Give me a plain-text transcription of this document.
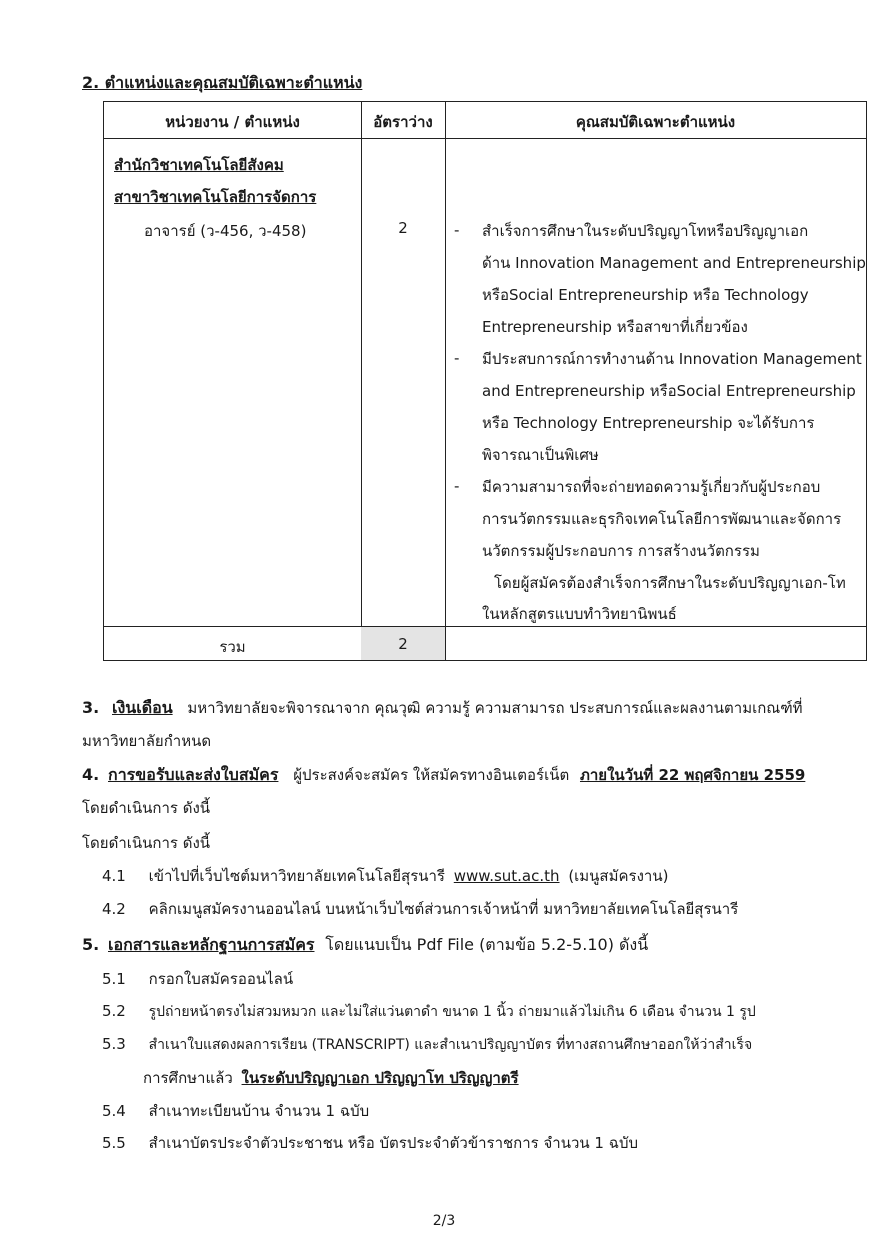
2. ตำแหน่งและคุณสมบัติเฉพาะตำแหน่ง
หน่วยงาน / ตำแหน่ง	อัตราว่าง	คุณสมบัติเฉพาะตำแหน่ง
สำนักวิชาเทคโนโลยีสังคม
สาขาวิชาเทคโนโลยีการจัดการ
อาจารย์ (ว-456, ว-458)	2	- สำเร็จการศึกษาในระดับปริญญาโทหรือปริญญาเอก
ด้าน Innovation Management and Entrepreneurship
หรือSocial Entrepreneurship หรือ Technology
Entrepreneurship หรือสาขาที่เกี่ยวข้อง
- มีประสบการณ์การทำงานด้าน Innovation Management
and Entrepreneurship หรือSocial Entrepreneurship
หรือ Technology Entrepreneurship จะได้รับการ
พิจารณาเป็นพิเศษ
- มีความสามารถที่จะถ่ายทอดความรู้เกี่ยวกับผู้ประกอบ
การนวัตกรรมและธุรกิจเทคโนโลยีการพัฒนาและจัดการ
นวัตกรรมผู้ประกอบการ การสร้างนวัตกรรม
โดยผู้สมัครต้องสำเร็จการศึกษาในระดับปริญญาเอก-โท
ในหลักสูตรแบบทำวิทยานิพนธ์
รวม	2
3. เงินเดือน มหาวิทยาลัยจะพิจารณาจาก คุณวุฒิ ความรู้ ความสามารถ ประสบการณ์และผลงานตามเกณฑ์ที่
มหาวิทยาลัยกำหนด
4. การขอรับและส่งใบสมัคร ผู้ประสงค์จะสมัคร ให้สมัครทางอินเตอร์เน็ต ภายในวันที่ 22 พฤศจิกายน 2559
โดยดำเนินการ ดังนี้
โดยดำเนินการ ดังนี้
4.1 เข้าไปที่เว็บไซต์มหาวิทยาลัยเทคโนโลยีสุรนารี www.sut.ac.th (เมนูสมัครงาน)
4.2 คลิกเมนูสมัครงานออนไลน์ บนหน้าเว็บไซต์ส่วนการเจ้าหน้าที่ มหาวิทยาลัยเทคโนโลยีสุรนารี
5. เอกสารและหลักฐานการสมัคร โดยแนบเป็น Pdf File (ตามข้อ 5.2-5.10) ดังนี้
5.1 กรอกใบสมัครออนไลน์
5.2 รูปถ่ายหน้าตรงไม่สวมหมวก และไม่ใส่แว่นตาดำ ขนาด 1 นิ้ว ถ่ายมาแล้วไม่เกิน 6 เดือน จำนวน 1 รูป
5.3 สำเนาใบแสดงผลการเรียน (TRANSCRIPT) และสำเนาปริญญาบัตร ที่ทางสถานศึกษาออกให้ว่าสำเร็จ
การศึกษาแล้ว ในระดับปริญญาเอก ปริญญาโท ปริญญาตรี
5.4 สำเนาทะเบียนบ้าน จำนวน 1 ฉบับ
5.5 สำเนาบัตรประจำตัวประชาชน หรือ บัตรประจำตัวข้าราชการ จำนวน 1 ฉบับ
2/3
